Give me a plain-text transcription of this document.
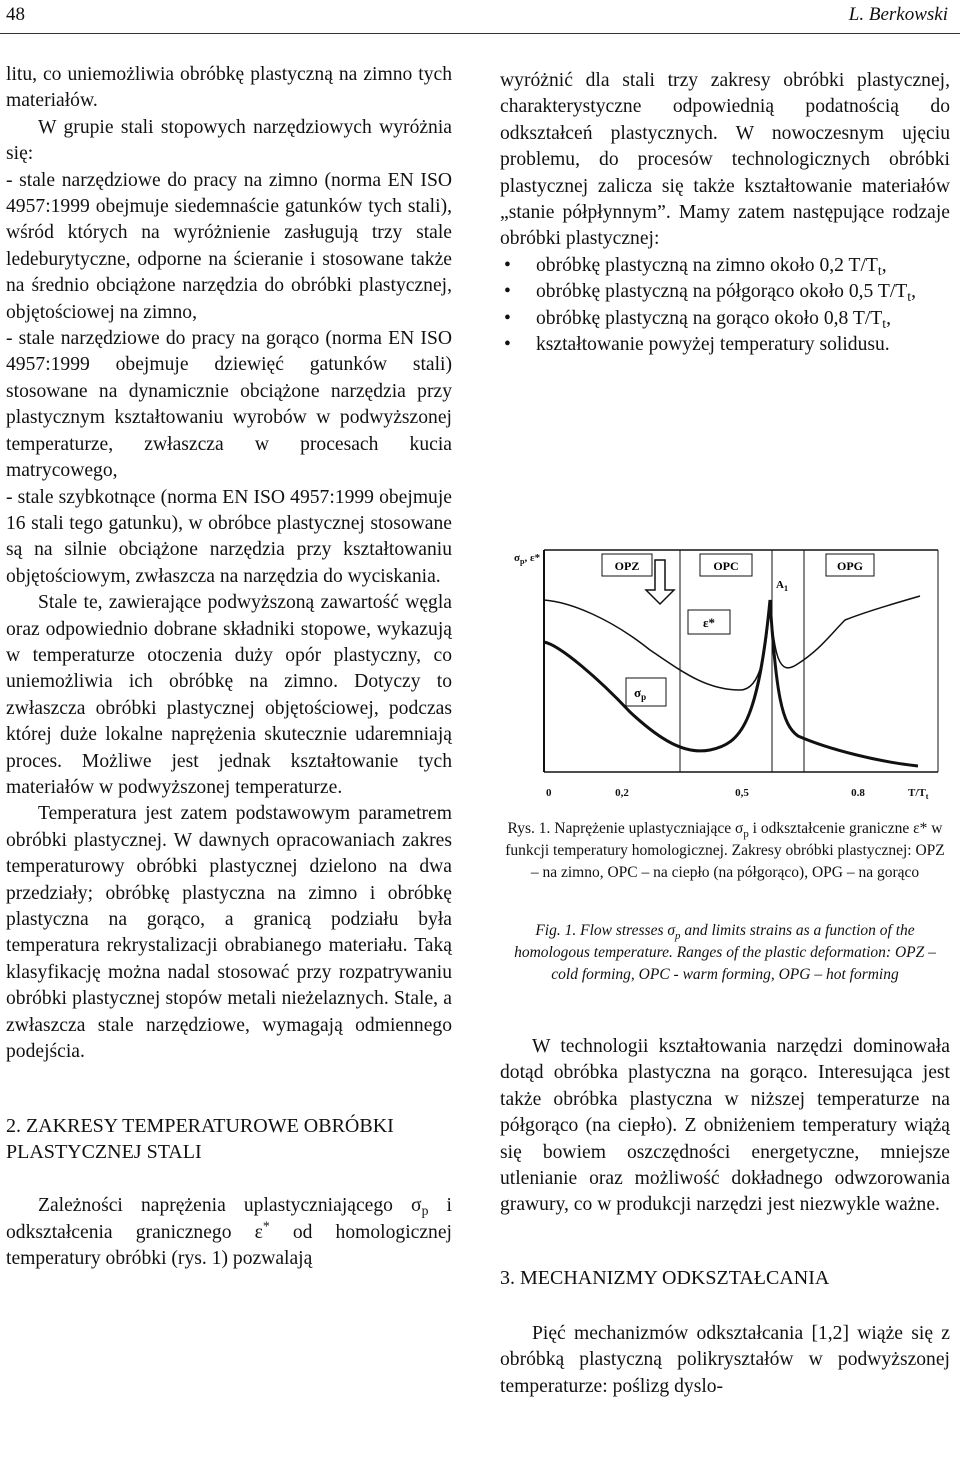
48	L. Berkowski

litu, co uniemożliwia obróbkę plastyczną na zimno tych materiałów.

W grupie stali stopowych narzędziowych wyróżnia się:

- stale narzędziowe do pracy na zimno (norma EN ISO 4957:1999 obejmuje siedemnaście gatunków tych stali), wśród których na wyróżnienie zasługują trzy stale ledeburytyczne, odporne na ścieranie i stosowane także na średnio obciążone narzędzia do obróbki plastycznej, objętościowej na zimno,

- stale narzędziowe do pracy na gorąco (norma EN ISO 4957:1999 obejmuje dziewięć gatunków stali) stosowane na dynamicznie obciążone narzędzia przy plastycznym kształtowaniu wyrobów w podwyższonej temperaturze, zwłaszcza w procesach kucia matrycowego,

- stale szybkotnące (norma EN ISO 4957:1999 obejmuje 16 stali tego gatunku), w obróbce plastycznej stosowane są na silnie obciążone narzędzia przy kształtowaniu objętościowym, zwłaszcza na narzędzia do wyciskania.

Stale te, zawierające podwyższoną zawartość węgla oraz odpowiednio dobrane składniki stopowe, wykazują w temperaturze otoczenia duży opór plastyczny, co uniemożliwia ich obróbkę na zimno. Dotyczy to zwłaszcza obróbki plastycznej objętościowej, podczas której duże lokalne naprężenia skutecznie udaremniają proces. Możliwe jest jednak kształtowanie tych materiałów w podwyższonej temperaturze.

Temperatura jest zatem podstawowym parametrem obróbki plastycznej. W dawnych opracowaniach zakres temperaturowy obróbki plastycznej dzielono na dwa przedziały; obróbkę plastyczna na zimno i obróbkę plastyczna na gorąco, a granicą podziału była temperatura rekrystalizacji obrabianego materiału. Taką klasyfikację można nadal stosować przy rozpatrywaniu obróbki plastycznej stopów metali nieżelaznych. Stale, a zwłaszcza stale narzędziowe, wymagają odmiennego podejścia.

2. ZAKRESY TEMPERATUROWE OBRÓBKI PLASTYCZNEJ STALI

Zależności naprężenia uplastyczniającego $\sigma_p$ i odkształcenia granicznego ε* od homologicznej temperatury obróbki (rys. 1) pozwalają

wyróżnić dla stali trzy zakresy obróbki plastycznej, charakterystyczne odpowiednią podatnością do odkształceń plastycznych. W nowoczesnym ujęciu problemu, do procesów technologicznych obróbki plastycznej zalicza się także kształtowanie materiałów „stanie półpłynnym”. Mamy zatem następujące rodzaje obróbki plastycznej:

• obróbkę plastyczną na zimno około 0,2 $T/T_t$,
• obróbkę plastyczną na półgorąco około 0,5 $T/T_t$,
• obróbkę plastyczną na gorąco około 0,8 $T/T_t$,
• kształtowanie powyżej temperatury solidusu.
$\sigma_p$, ε*
OPZ	OPC	OPG
$A_1$
ε*
$\sigma_p$
0	0,2	0,5	0.8	$T/T_t$
Rys. 1. Naprężenie uplastyczniające $\sigma_p$ i odkształcenie graniczne ε* w funkcji temperatury homologicznej. Zakresy obróbki plastycznej: OPZ – na zimno, OPC – na ciepło (na półgorąco), OPG – na gorąco
Fig. 1. Flow stresses $\sigma_p$ and limits strains as a function of the homologous temperature. Ranges of the plastic deformation: OPZ – cold forming, OPC - warm forming, OPG – hot forming

W technologii kształtowania narzędzi dominowała dotąd obróbka plastyczna na gorąco. Interesująca jest także obróbka plastyczna w niższej temperaturze na półgorąco (na ciepło). Z obniżeniem temperatury wiążą się bowiem oszczędności energetyczne, mniejsze utlenianie oraz możliwość dokładnego odwzorowania grawury, co w produkcji narzędzi jest niezwykle ważne.

3. MECHANIZMY ODKSZTAŁCANIA

Pięć mechanizmów odkształcania [1,2] wiąże się z obróbką plastyczną polikryształów w podwyższonej temperaturze: poślizg dyslo-
